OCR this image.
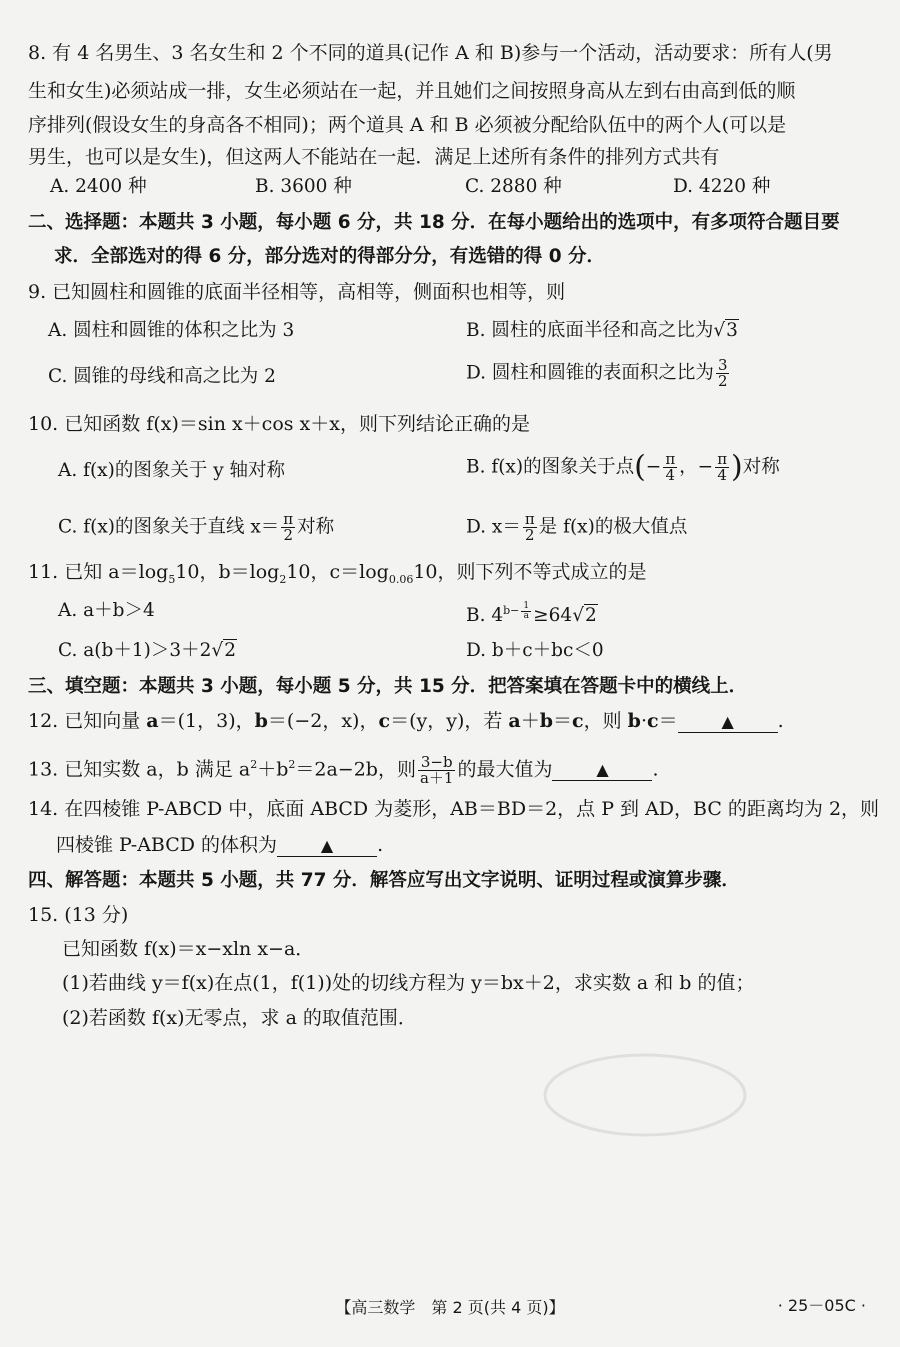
8. 有 4 名男生、3 名女生和 2 个不同的道具(记作 A 和 B)参与一个活动，活动要求：所有人(男
生和女生)必须站成一排，女生必须站在一起，并且她们之间按照身高从左到右由高到低的顺
序排列(假设女生的身高各不相同)；两个道具 A 和 B 必须被分配给队伍中的两个人(可以是
男生，也可以是女生)，但这两人不能站在一起．满足上述所有条件的排列方式共有
A. 2400 种	B. 3600 种	C. 2880 种	D. 4220 种
二、选择题：本题共 3 小题，每小题 6 分，共 18 分．在每小题给出的选项中，有多项符合题目要
求．全部选对的得 6 分，部分选对的得部分分，有选错的得 0 分．
9. 已知圆柱和圆锥的底面半径相等，高相等，侧面积也相等，则
A. 圆柱和圆锥的体积之比为 3	B. 圆柱的底面半径和高之比为√3
C. 圆锥的母线和高之比为 2	D. 圆柱和圆锥的表面积之比为 $\frac{3}{2}$
10. 已知函数 f(x)＝sin x＋cos x＋x，则下列结论正确的是
A. f(x)的图象关于 y 轴对称	B. f(x)的图象关于点(− $\frac{\pi}{4}$ ，− $\frac{\pi}{4}$ )对称
C. f(x)的图象关于直线 $x= \frac{\pi}{2}$ 对称	D. $x= \frac{\pi}{2}$ 是 f(x)的极大值点
11. 已知 $a=\log_510$，$b=\log_210$，$c=\log_{0.06}10$，则下列不等式成立的是
A. a＋b＞4	B. $4^{b- \frac{1}{a}} \ge 64√2$
C. a(b＋1)＞3＋2√2	D. b＋c＋bc＜0
三、填空题：本题共 3 小题，每小题 5 分，共 15 分．把答案填在答题卡中的横线上．
12. 已知向量 a＝(1，3)，b＝(−2，x)，c＝(y，y)，若 a＋b＝c，则 b·c＝	▲ .
13. 已知实数 a，b 满足 $a^2+b^2=2a-2b$，则 $\frac{3-b}{a+1}$ 的最大值为	▲ .
14. 在四棱锥 P-ABCD 中，底面 ABCD 为菱形，AB＝BD＝2，点 P 到 AD，BC 的距离均为 2，则
四棱锥 P-ABCD 的体积为	▲ .
四、解答题：本题共 5 小题，共 77 分．解答应写出文字说明、证明过程或演算步骤．
15. (13 分)
已知函数 f(x)＝x−xln x−a．
(1)若曲线 y＝f(x)在点(1，f(1))处的切线方程为 y＝bx＋2，求实数 a 和 b 的值；
(2)若函数 f(x)无零点，求 a 的取值范围．
【高三数学　第 2 页(共 4 页)】	· 25－05C ·
